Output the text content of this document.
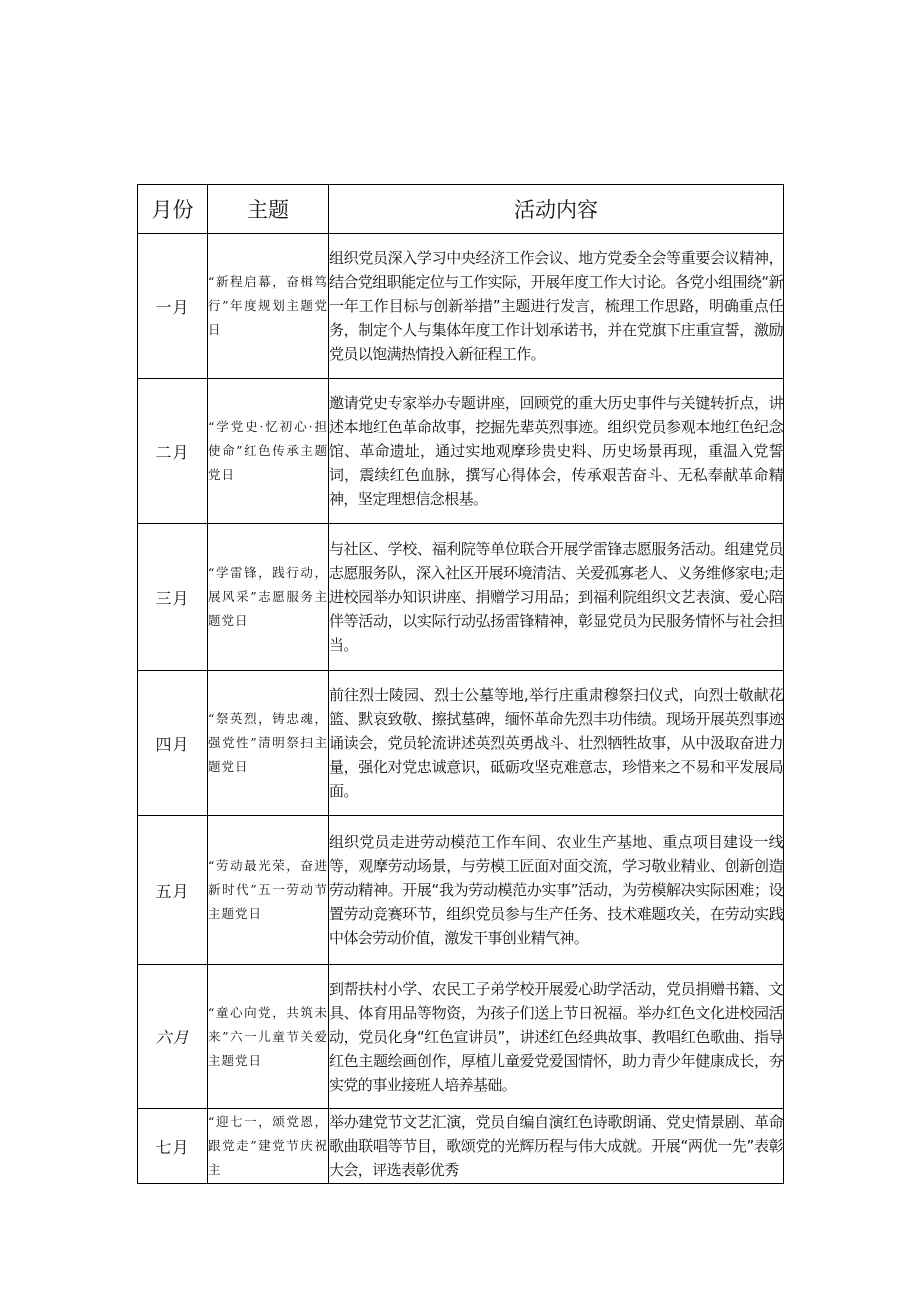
月份	主题	活动内容
一月	“新程启幕，奋楫笃行”年度规划主题党日	组织党员深入学习中央经济工作会议、地方党委全会等重要会议精神，结合党组职能定位与工作实际，开展年度工作大讨论。各党小组围绕“新一年工作目标与创新举措”主题进行发言，梳理工作思路，明确重点任务，制定个人与集体年度工作计划承诺书，并在党旗下庄重宣誓，激励党员以饱满热情投入新征程工作。
二月	“学党史·忆初心·担使命”红色传承主题党日	邀请党史专家举办专题讲座，回顾党的重大历史事件与关键转折点，讲述本地红色革命故事，挖掘先辈英烈事迹。组织党员参观本地红色纪念馆、革命遗址，通过实地观摩珍贵史料、历史场景再现，重温入党誓词，震续红色血脉，撰写心得体会，传承艰苦奋斗、无私奉献革命精神，坚定理想信念根基。
三月	“学雷锋，践行动，展风采”志愿服务主题党日	与社区、学校、福利院等单位联合开展学雷锋志愿服务活动。组建党员志愿服务队，深入社区开展环境清洁、关爱孤寡老人、义务维修家电;走进校园举办知识讲座、捐赠学习用品；到福利院组织文艺表演、爱心陪伴等活动，以实际行动弘扬雷锋精神，彰显党员为民服务情怀与社会担当。
四月	“祭英烈，铸忠魂，强党性”清明祭扫主题党日	前往烈士陵园、烈士公墓等地,举行庄重肃穆祭扫仪式，向烈士敬献花篮、默哀致敬、擦拭墓碑，缅怀革命先烈丰功伟绩。现场开展英烈事迹诵读会，党员轮流讲述英烈英勇战斗、壮烈牺牲故事，从中汲取奋进力量，强化对党忠诚意识，砥砺攻坚克难意志，珍惜来之不易和平发展局面。
五月	“劳动最光荣，奋进新时代”五一劳动节主题党日	组织党员走进劳动模范工作车间、农业生产基地、重点项目建设一线等，观摩劳动场景，与劳模工匠面对面交流，学习敬业精业、创新创造劳动精神。开展“我为劳动模范办实事”活动，为劳模解决实际困难；设置劳动竞赛环节，组织党员参与生产任务、技术难题攻关，在劳动实践中体会劳动价值，激发干事创业精气神。
六月	“童心向党，共筑未来”六一儿童节关爱主题党日	到帮扶村小学、农民工子弟学校开展爱心助学活动，党员捐赠书籍、文具、体育用品等物资，为孩子们送上节日祝福。举办红色文化进校园活动，党员化身“红色宣讲员”，讲述红色经典故事、教唱红色歌曲、指导红色主题绘画创作，厚植儿童爱党爱国情怀，助力青少年健康成长，夯实党的事业接班人培养基础。
七月	“迎七一，颂党恩，跟党走”建党节庆祝主	举办建党节文艺汇演，党员自编自演红色诗歌朗诵、党史情景剧、革命歌曲联唱等节目，歌颂党的光辉历程与伟大成就。开展“两优一先”表彰大会，评选表彰优秀
